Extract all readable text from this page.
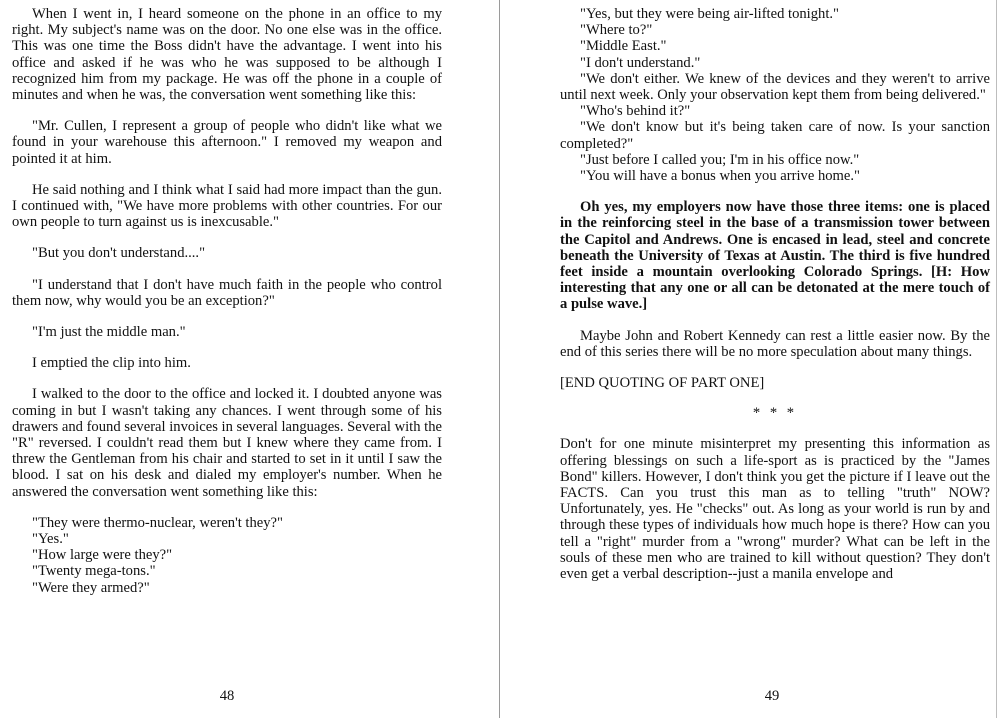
When I went in, I heard someone on the phone in an office to my right. My subject's name was on the door. No one else was in the office. This was one time the Boss didn't have the advantage. I went into his office and asked if he was who he was supposed to be although I recognized him from my package. He was off the phone in a couple of minutes and when he was, the conversation went something like this:

"Mr. Cullen, I represent a group of people who didn't like what we found in your warehouse this afternoon." I removed my weapon and pointed it at him.

He said nothing and I think what I said had more impact than the gun. I continued with, "We have more problems with other countries. For our own people to turn against us is inexcusable."

"But you don't understand...."

"I understand that I don't have much faith in the people who control them now, why would you be an exception?"

"I'm just the middle man."

I emptied the clip into him.

I walked to the door to the office and locked it. I doubted anyone was coming in but I wasn't taking any chances. I went through some of his drawers and found several invoices in several languages. Several with the "R" reversed. I couldn't read them but I knew where they came from. I threw the Gentleman from his chair and started to set in it until I saw the blood. I sat on his desk and dialed my employer's number. When he answered the conversation went something like this:

"They were thermo-nuclear, weren't they?"

"Yes."

"How large were they?"

"Twenty mega-tons."

"Were they armed?"

48

"Yes, but they were being air-lifted tonight."

"Where to?"

"Middle East."

"I don't understand."

"We don't either. We knew of the devices and they weren't to arrive until next week. Only your observation kept them from being delivered."

"Who's behind it?"

"We don't know but it's being taken care of now. Is your sanction completed?"

"Just before I called you; I'm in his office now."

"You will have a bonus when you arrive home."

Oh yes, my employers now have those three items: one is placed in the reinforcing steel in the base of a transmission tower between the Capitol and Andrews. One is encased in lead, steel and concrete beneath the University of Texas at Austin. The third is five hundred feet inside a mountain overlooking Colorado Springs. [H: How interesting that any one or all can be detonated at the mere touch of a pulse wave.]

Maybe John and Robert Kennedy can rest a little easier now. By the end of this series there will be no more speculation about many things.

[END QUOTING OF PART ONE]

* * *

Don't for one minute misinterpret my presenting this information as offering blessings on such a life-sport as is practiced by the "James Bond" killers. However, I don't think you get the picture if I leave out the FACTS. Can you trust this man as to telling "truth" NOW? Unfortunately, yes. He "checks" out. As long as your world is run by and through these types of individuals how much hope is there? How can you tell a "right" murder from a "wrong" murder? What can be left in the souls of these men who are trained to kill without question? They don't even get a verbal description--just a manila envelope and

49
